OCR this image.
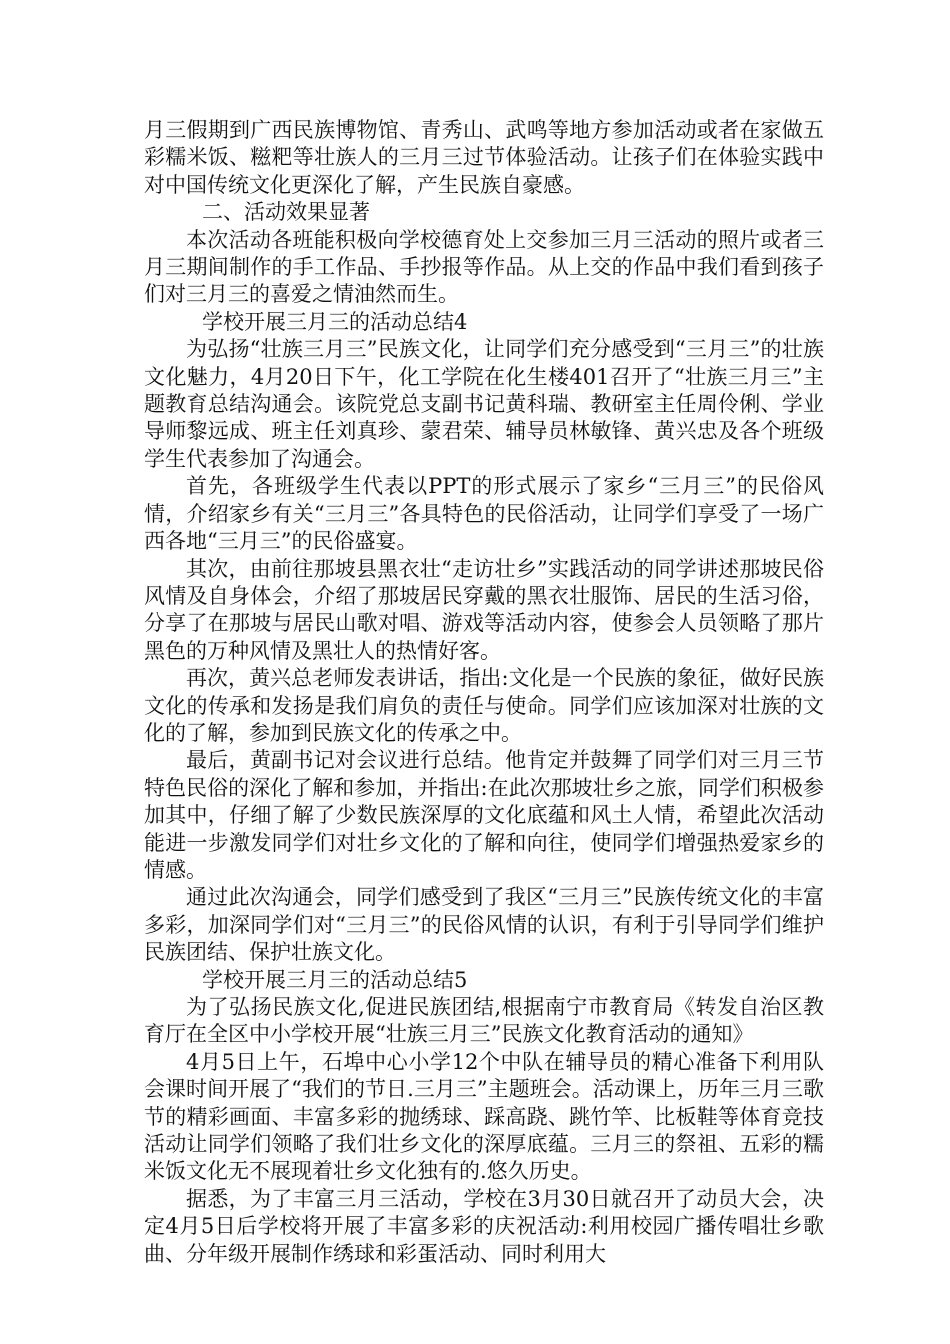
月三假期到广西民族博物馆、青秀山、武鸣等地方参加活动或者在家做五彩糯米饭、糍粑等壮族人的三月三过节体验活动。让孩子们在体验实践中对中国传统文化更深化了解，产生民族自豪感。

二、活动效果显著

本次活动各班能积极向学校德育处上交参加三月三活动的照片或者三月三期间制作的手工作品、手抄报等作品。从上交的作品中我们看到孩子们对三月三的喜爱之情油然而生。

学校开展三月三的活动总结4

为弘扬“壮族三月三”民族文化，让同学们充分感受到“三月三”的壮族文化魅力，4月20日下午，化工学院在化生楼401召开了“壮族三月三”主题教育总结沟通会。该院党总支副书记黄科瑞、教研室主任周伶俐、学业导师黎远成、班主任刘真珍、蒙君荣、辅导员林敏锋、黄兴忠及各个班级学生代表参加了沟通会。

首先，各班级学生代表以PPT的形式展示了家乡“三月三”的民俗风情，介绍家乡有关“三月三”各具特色的民俗活动，让同学们享受了一场广西各地“三月三”的民俗盛宴。

其次，由前往那坡县黑衣壮“走访壮乡”实践活动的同学讲述那坡民俗风情及自身体会，介绍了那坡居民穿戴的黑衣壮服饰、居民的生活习俗，分享了在那坡与居民山歌对唱、游戏等活动内容，使参会人员领略了那片黑色的万种风情及黑壮人的热情好客。

再次，黄兴总老师发表讲话，指出:文化是一个民族的象征，做好民族文化的传承和发扬是我们肩负的责任与使命。同学们应该加深对壮族的文化的了解，参加到民族文化的传承之中。

最后，黄副书记对会议进行总结。他肯定并鼓舞了同学们对三月三节特色民俗的深化了解和参加，并指出:在此次那坡壮乡之旅，同学们积极参加其中，仔细了解了少数民族深厚的文化底蕴和风土人情，希望此次活动能进一步激发同学们对壮乡文化的了解和向往，使同学们增强热爱家乡的情感。

通过此次沟通会，同学们感受到了我区“三月三”民族传统文化的丰富多彩，加深同学们对“三月三”的民俗风情的认识，有利于引导同学们维护民族团结、保护壮族文化。

学校开展三月三的活动总结5

为了弘扬民族文化,促进民族团结,根据南宁市教育局《转发自治区教育厅在全区中小学校开展“壮族三月三”民族文化教育活动的通知》

4月5日上午，石埠中心小学12个中队在辅导员的精心准备下利用队会课时间开展了“我们的节日.三月三”主题班会。活动课上，历年三月三歌节的精彩画面、丰富多彩的抛绣球、踩高跷、跳竹竿、比板鞋等体育竞技活动让同学们领略了我们壮乡文化的深厚底蕴。三月三的祭祖、五彩的糯米饭文化无不展现着壮乡文化独有的.悠久历史。

据悉，为了丰富三月三活动，学校在3月30日就召开了动员大会，决定4月5日后学校将开展了丰富多彩的庆祝活动:利用校园广播传唱壮乡歌曲、分年级开展制作绣球和彩蛋活动、同时利用大
